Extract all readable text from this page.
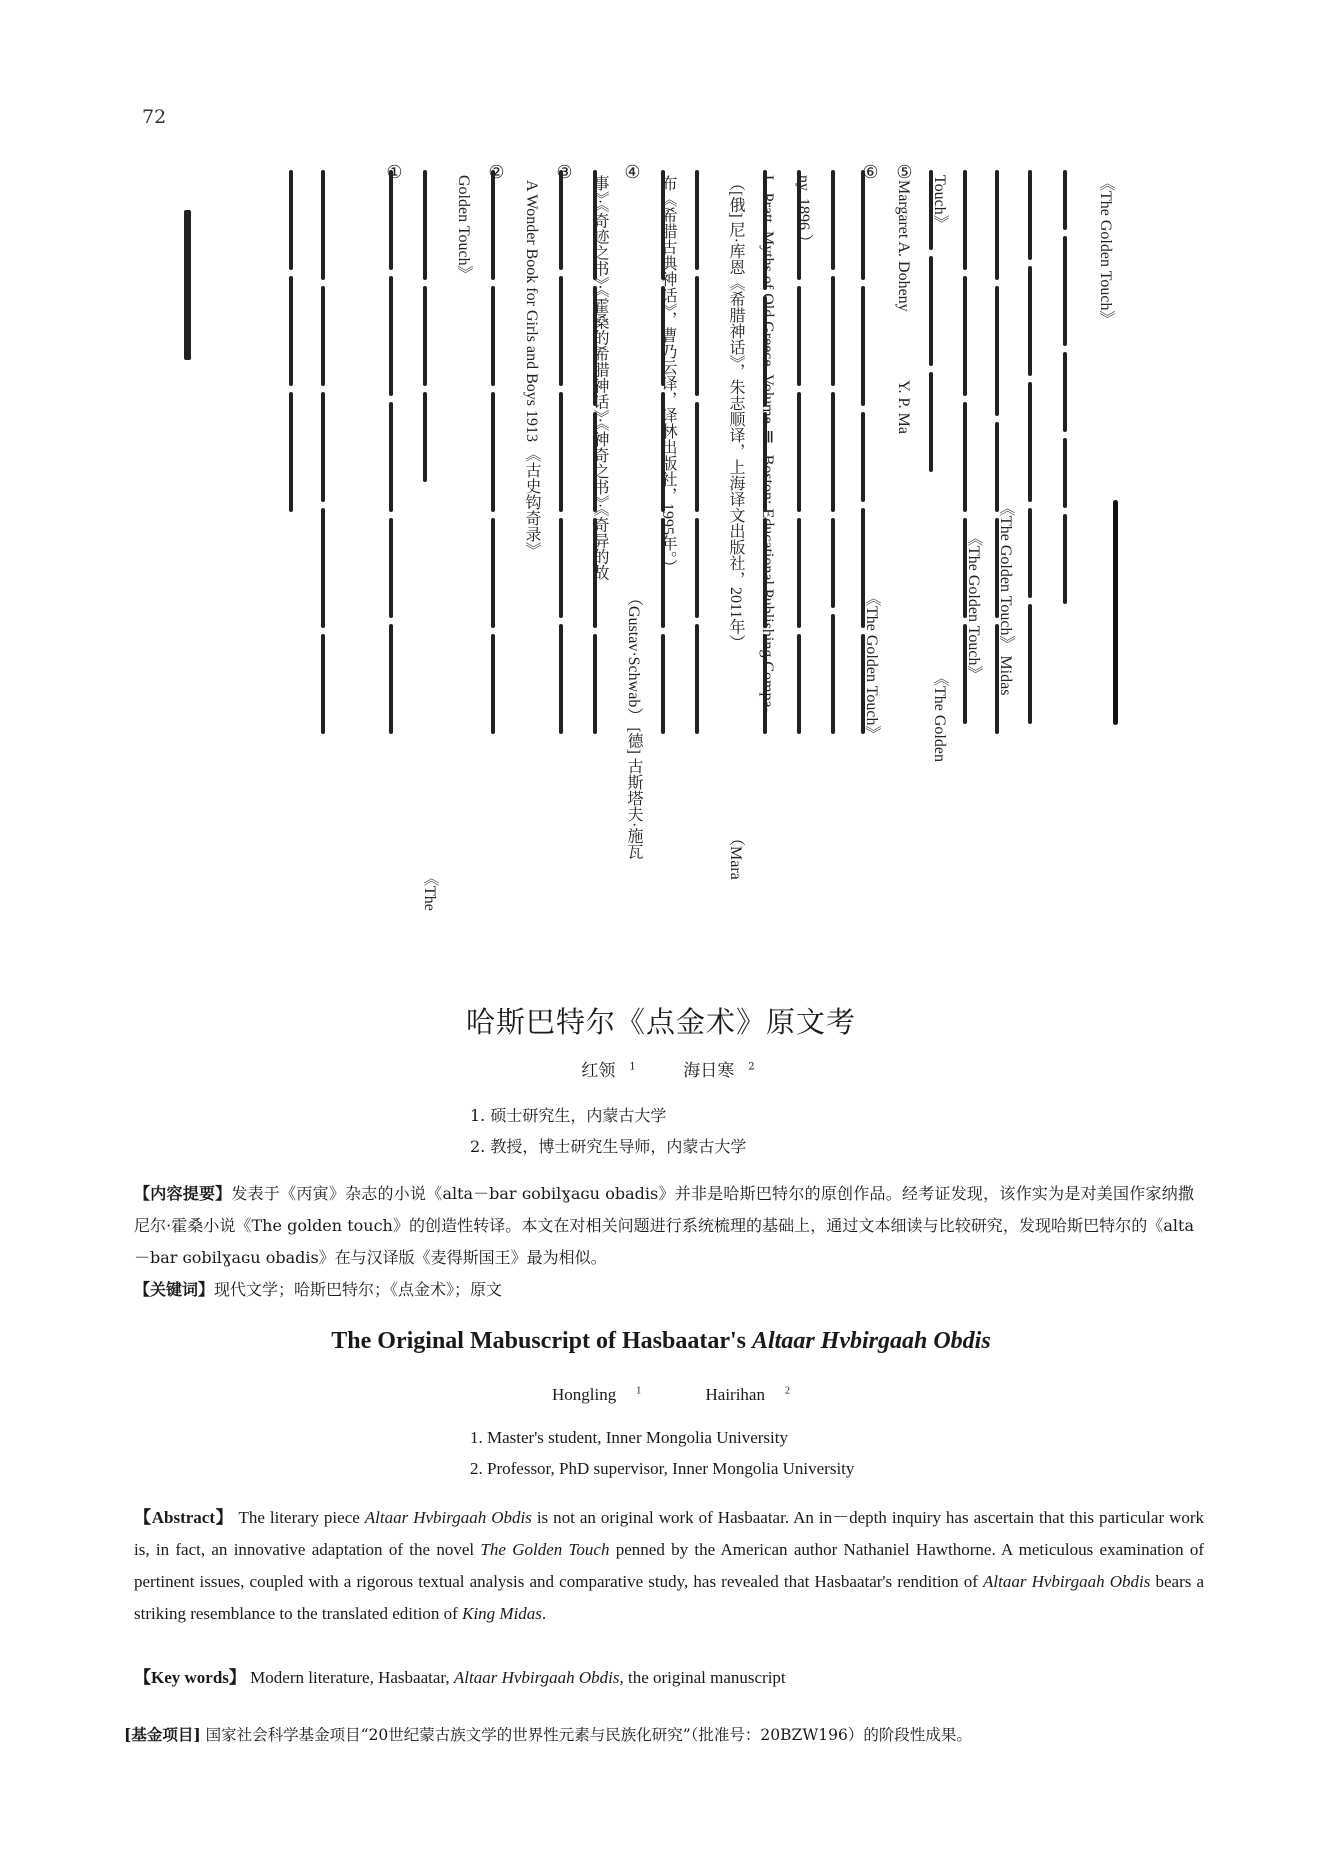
72
《The Golden Touch》
《The Golden Touch》 Midas
《The Golden Touch》
Touch》
Margaret A. Doheny
Y. P. Ma
《The Golden
《The Golden Touch》
ny. 1896.）
L. Pratt. Myths of Old Greece. Volume Ⅲ. Boston: Educational Publishing Compa-
（[俄] 尼·库恩《希腊神话》，朱志顺译，上海译文出版社，2011年）
（Mara
布《希腊古典神话》，曹乃云译，译林出版社，1995年。）
（Gustav·Schwab） [德] 古斯塔夫·施瓦
事》·《奇迹之书》·《霍桑的希腊神话》·《神奇之书》·《奇异的故
A Wonder Book for Girls and Boys 1913 《古史钩奇录》
Golden Touch》
《The
⑤
⑥
②	③	④
①
哈斯巴特尔《点金术》原文考
红领 $^1$	海日寒 $^2$
1. 硕士研究生，内蒙古大学
2. 教授，博士研究生导师，内蒙古大学
【内容提要】发表于《丙寅》杂志的小说《alta－bar ɢobilɣaɢu obadis》并非是哈斯巴特尔的原创作品。经考证发现，该作实为是对美国作家纳撒尼尔·霍桑小说《The golden touch》的创造性转译。本文在对相关问题进行系统梳理的基础上，通过文本细读与比较研究，发现哈斯巴特尔的《alta－bar ɢobilɣaɢu obadis》在与汉译版《麦得斯国王》最为相似。
【关键词】现代文学；哈斯巴特尔；《点金术》；原文
The Original Mabuscript of Hasbaatar's Altaar Hvbirgaah Obdis
Hongling $^1$	Hairihan $^2$
1. Master's student, Inner Mongolia University
2. Professor, PhD supervisor, Inner Mongolia University
【Abstract】 The literary piece Altaar Hvbirgaah Obdis is not an original work of Hasbaatar. An in－depth inquiry has ascertain that this particular work is, in fact, an innovative adaptation of the novel The Golden Touch penned by the American author Nathaniel Hawthorne. A meticulous examination of pertinent issues, coupled with a rigorous textual analysis and comparative study, has revealed that Hasbaatar's rendition of Altaar Hvbirgaah Obdis bears a striking resemblance to the translated edition of King Midas.
【Key words】 Modern literature, Hasbaatar, Altaar Hvbirgaah Obdis, the original manuscript
[基金项目] 国家社会科学基金项目“20世纪蒙古族文学的世界性元素与民族化研究”（批准号：20BZW196）的阶段性成果。
